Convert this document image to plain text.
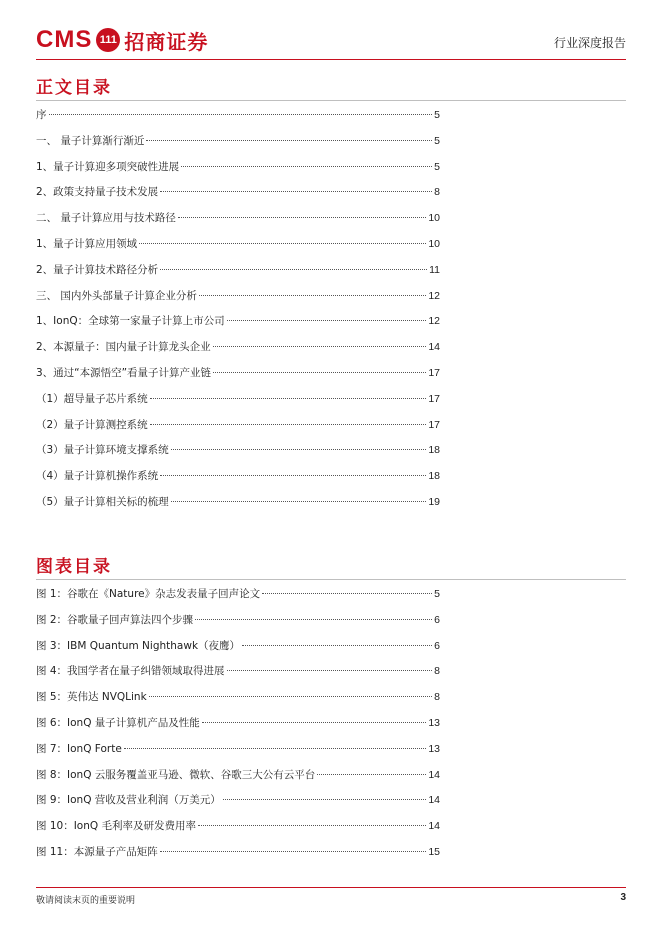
CMS 111 招商证券	行业深度报告
正文目录
序	5
一、 量子计算渐行渐近	5
1、量子计算迎多项突破性进展	5
2、政策支持量子技术发展	8
二、 量子计算应用与技术路径	10
1、量子计算应用领域	10
2、量子计算技术路径分析	11
三、 国内外头部量子计算企业分析	12
1、IonQ：全球第一家量子计算上市公司	12
2、本源量子：国内量子计算龙头企业	14
3、通过“本源悟空”看量子计算产业链	17
（1）超导量子芯片系统	17
（2）量子计算测控系统	17
（3）量子计算环境支撑系统	18
（4）量子计算机操作系统	18
（5）量子计算相关标的梳理	19
图表目录
图 1：谷歌在《Nature》杂志发表量子回声论文	5
图 2：谷歌量子回声算法四个步骤	6
图 3：IBM Quantum Nighthawk（夜鹰）	6
图 4：我国学者在量子纠错领域取得进展	8
图 5：英伟达 NVQLink	8
图 6：IonQ 量子计算机产品及性能	13
图 7：IonQ Forte	13
图 8：IonQ 云服务覆盖亚马逊、微软、谷歌三大公有云平台	14
图 9：IonQ 营收及营业利润（万美元）	14
图 10：IonQ 毛利率及研发费用率	14
图 11：本源量子产品矩阵	15
敬请阅读末页的重要说明	3
